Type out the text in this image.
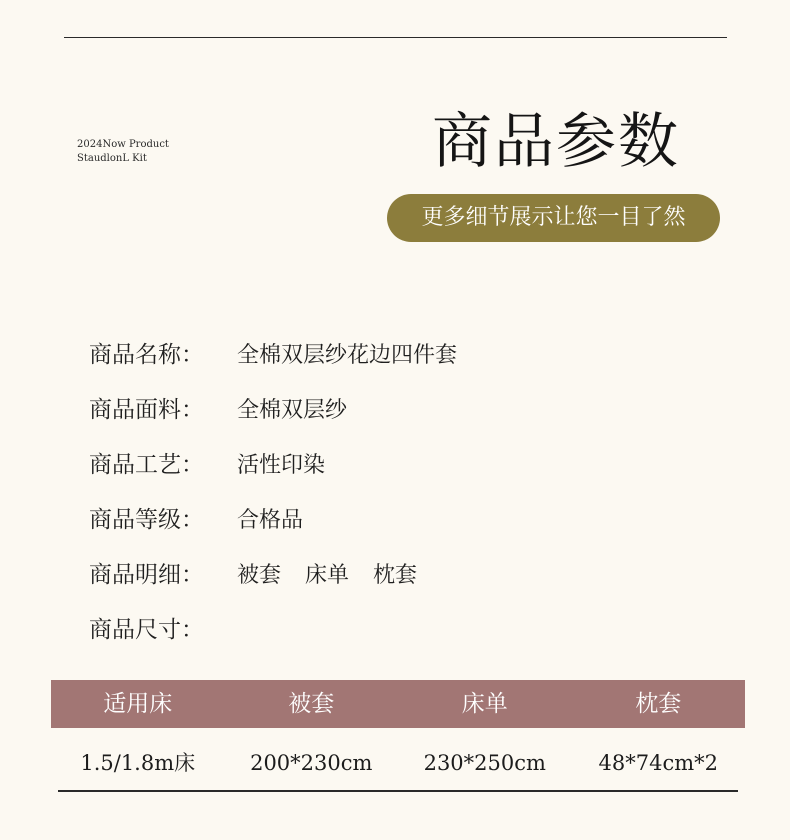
2024Now Product
StaudlonL Kit	商品参数
更多细节展示让您一目了然
商品名称： 全棉双层纱花边四件套
商品面料： 全棉双层纱
商品工艺： 活性印染
商品等级： 合格品
商品明细： 被套 床单 枕套
商品尺寸：
适用床	被套	床单	枕套
1.5/1.8m床	200*230cm	230*250cm	48*74cm*2
